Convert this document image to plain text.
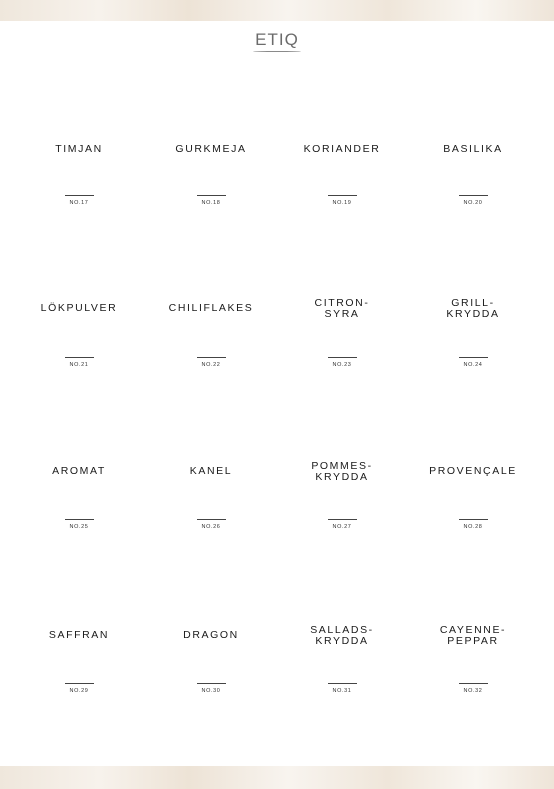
ETIQ
TIMJAN
NO.17
GURKMEJA
NO.18
KORIANDER
NO.19
BASILIKA
NO.20
LÖKPULVER
NO.21
CHILIFLAKES
NO.22
CITRON-
SYRA
NO.23
GRILL-
KRYDDA
NO.24
AROMAT
NO.25
KANEL
NO.26
POMMES-
KRYDDA
NO.27
PROVENÇALE
NO.28
SAFFRAN
NO.29
DRAGON
NO.30
SALLADS-
KRYDDA
NO.31
CAYENNE-
PEPPAR
NO.32
